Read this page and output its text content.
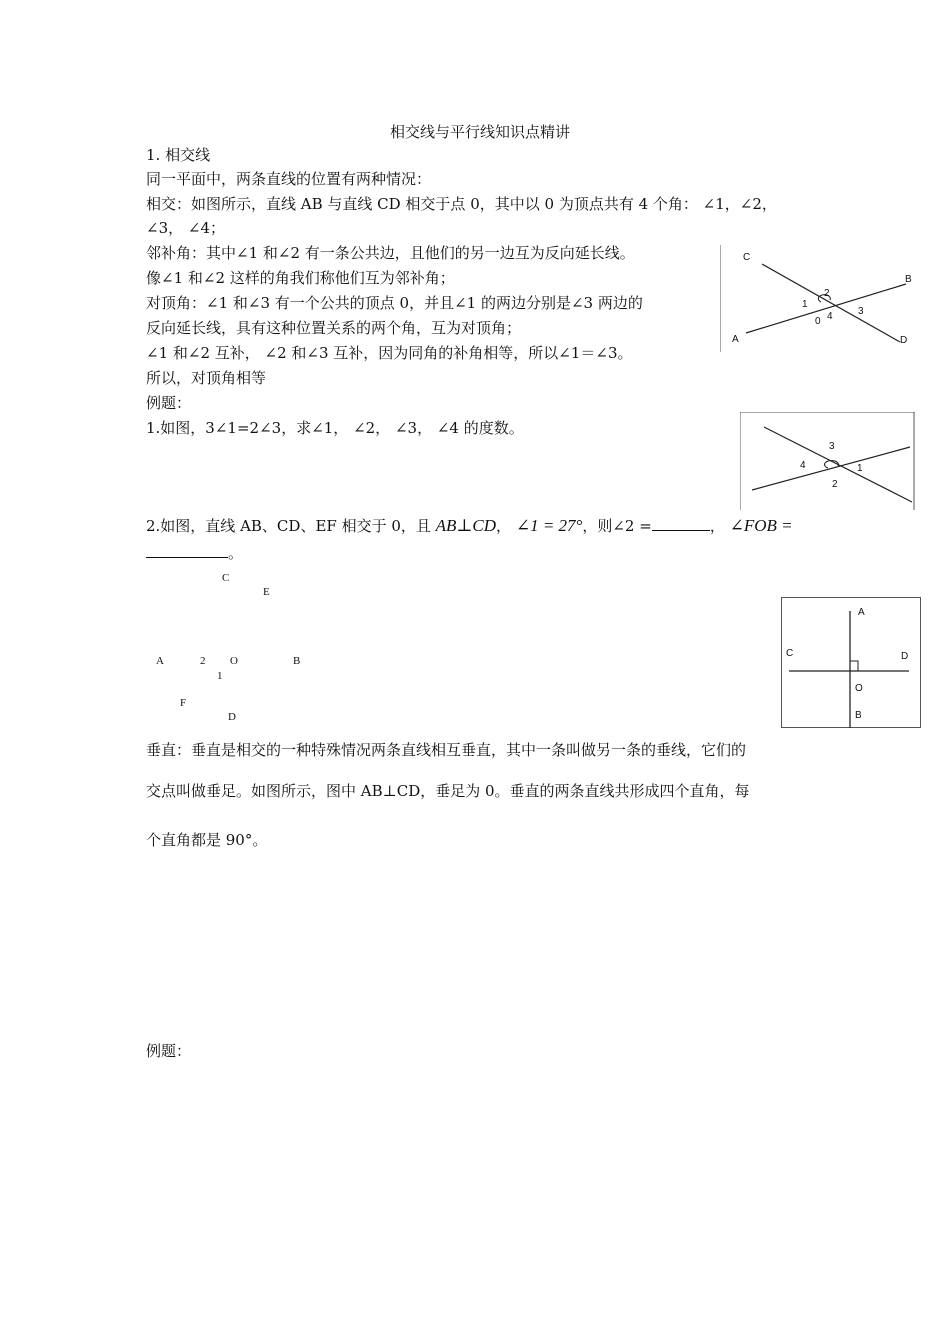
相交线与平行线知识点精讲
1. 相交线
同一平面中，两条直线的位置有两种情况：
相交：如图所示，直线 AB 与直线 CD 相交于点 0，其中以 0 为顶点共有 4 个角： ∠1，∠2，
∠3， ∠4；
邻补角：其中∠1 和∠2 有一条公共边，且他们的另一边互为反向延长线。
像∠1 和∠2 这样的角我们称他们互为邻补角；
对顶角：∠1 和∠3 有一个公共的顶点 0，并且∠1 的两边分别是∠3 两边的
反向延长线，具有这种位置关系的两个角，互为对顶角；
∠1 和∠2 互补， ∠2 和∠3 互补，因为同角的补角相等，所以∠1＝∠3。
所以，对顶角相等
例题：
1.如图，3∠1=2∠3，求∠1， ∠2， ∠3， ∠4 的度数。
2.如图，直线 AB、CD、EF 相交于 0，且 AB⊥CD， ∠1 = 27°，则∠2 =	， ∠FOB =
。
C
B
A	D
1
2
3
4
0
3
4	1
2
C
E
A	2 O	B
1
F
D
A
C	D
O
B
垂直：垂直是相交的一种特殊情况两条直线相互垂直，其中一条叫做另一条的垂线，它们的
交点叫做垂足。如图所示，图中 AB⊥CD，垂足为 0。垂直的两条直线共形成四个直角，每
个直角都是 90°。
例题：
